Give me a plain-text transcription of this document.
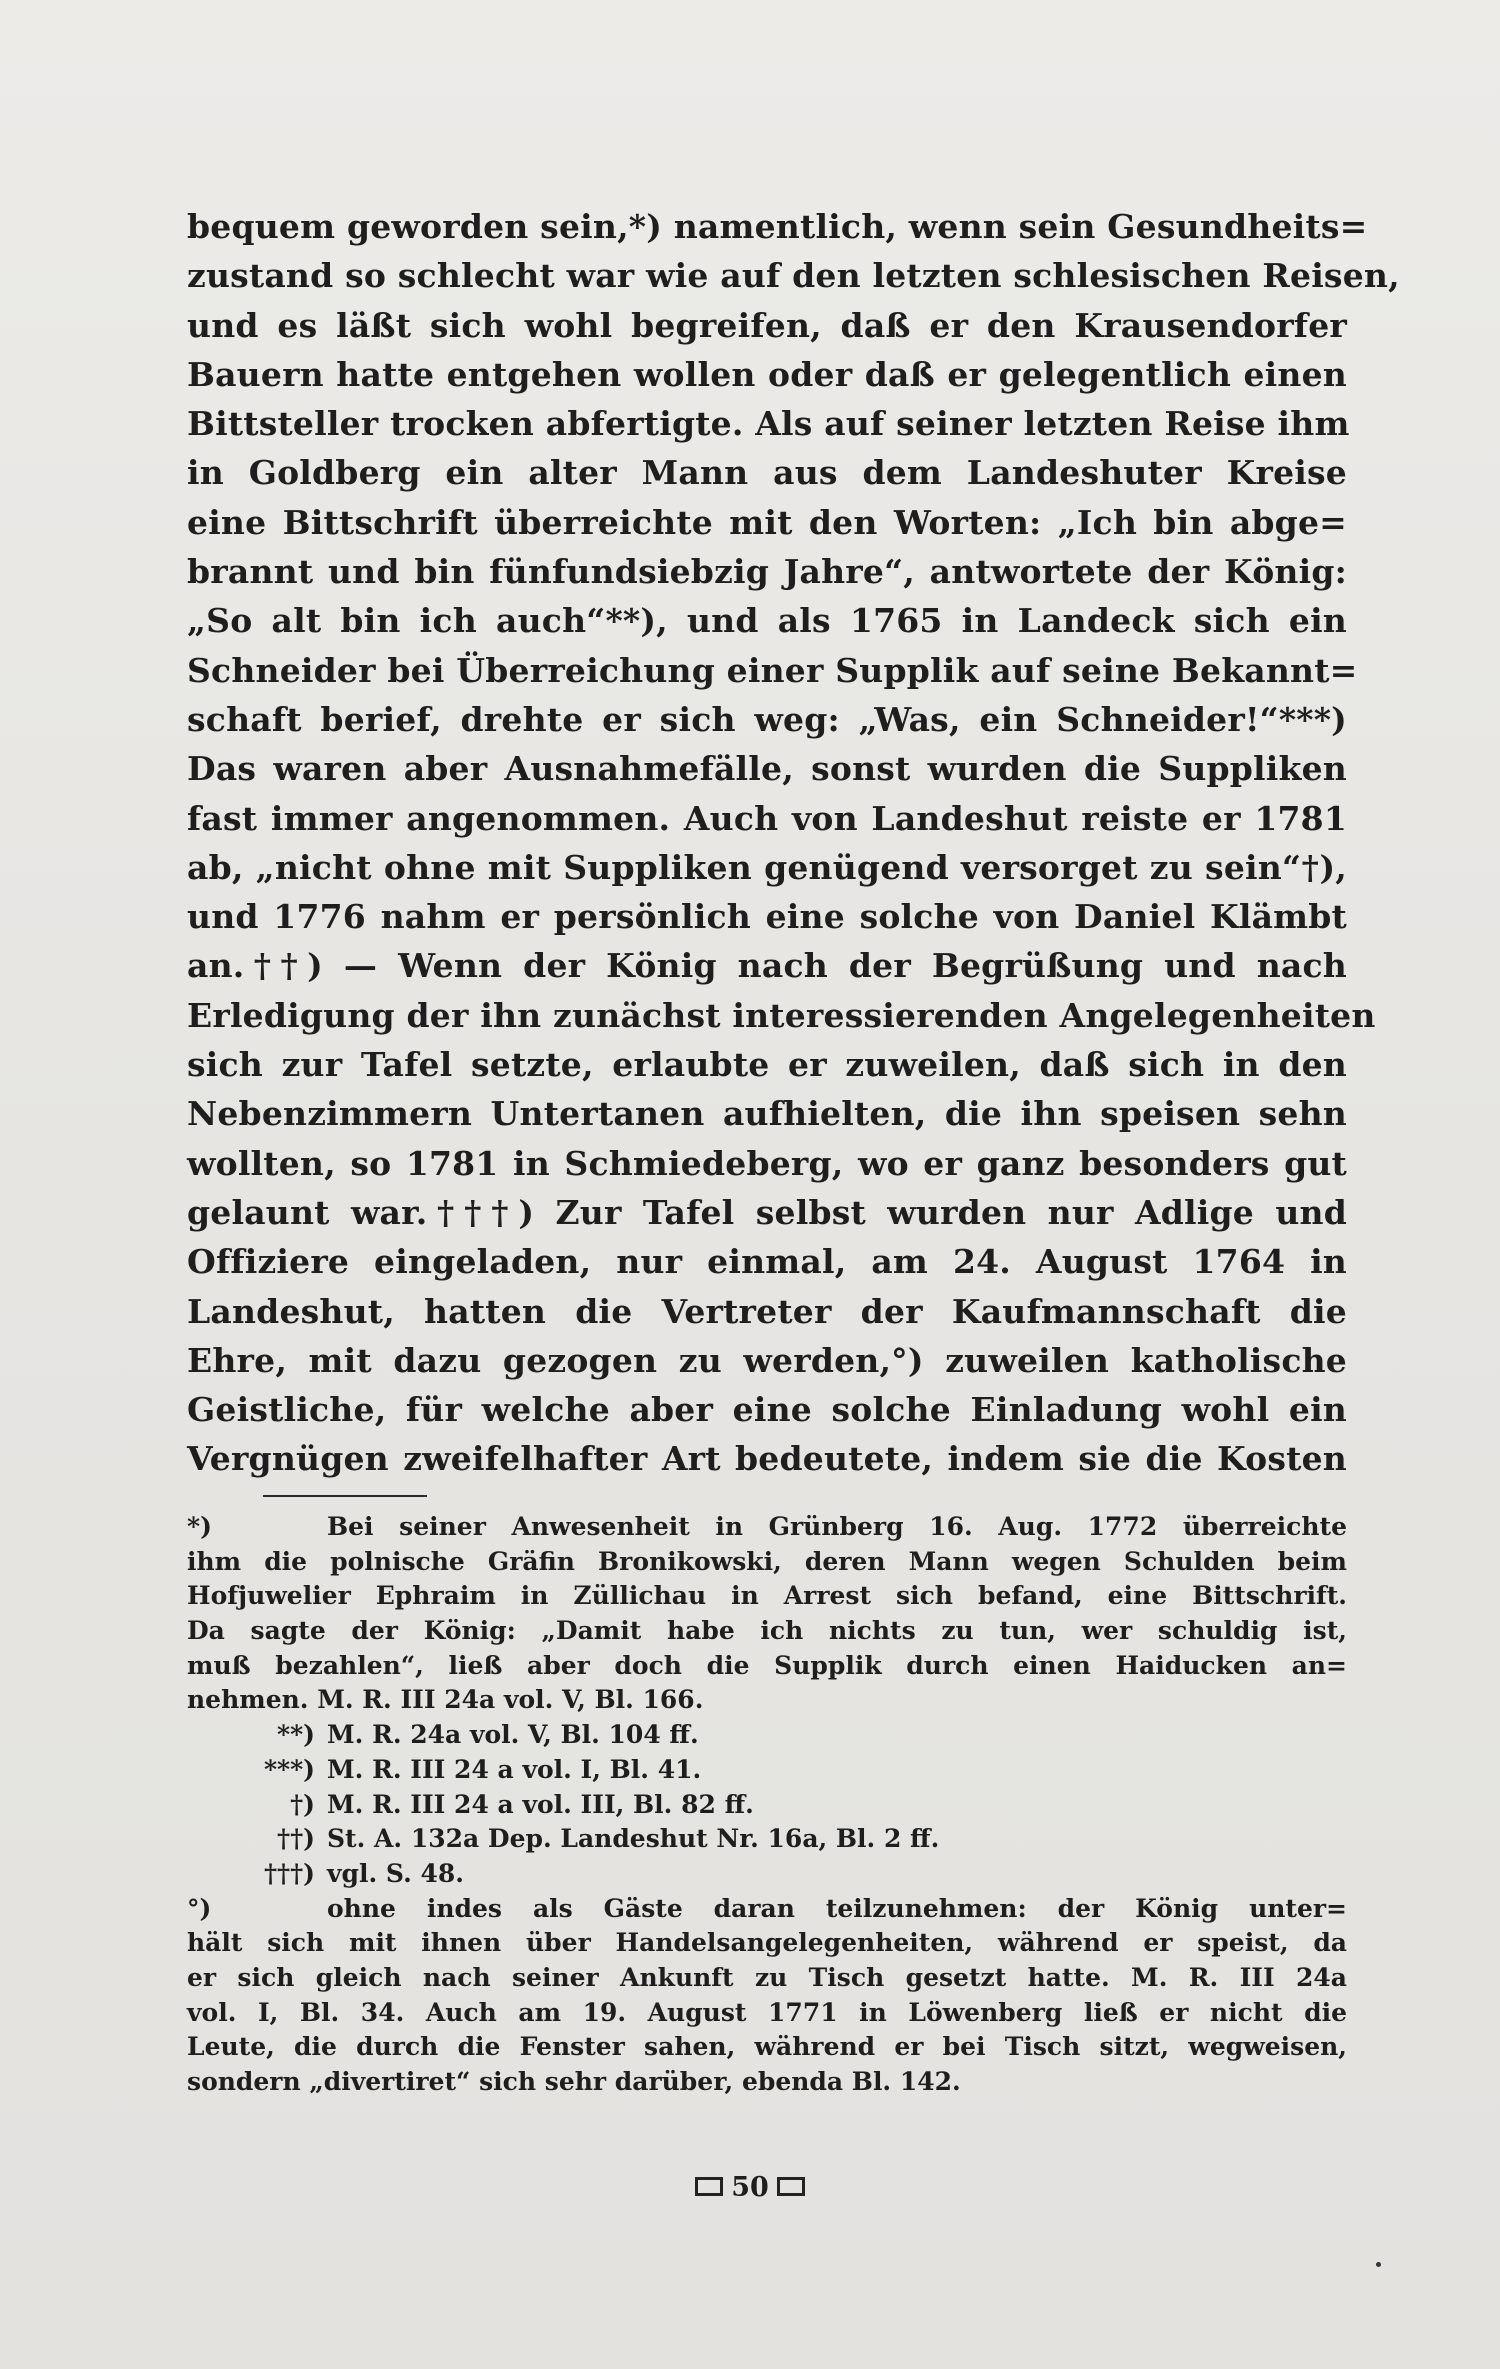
bequem geworden sein,*) namentlich, wenn sein Gesundheits=
zustand so schlecht war wie auf den letzten schlesischen Reisen,
und es läßt sich wohl begreifen, daß er den Krausendorfer
Bauern hatte entgehen wollen oder daß er gelegentlich einen
Bittsteller trocken abfertigte. Als auf seiner letzten Reise ihm
in Goldberg ein alter Mann aus dem Landeshuter Kreise
eine Bittschrift überreichte mit den Worten: „Ich bin abge=
brannt und bin fünfundsiebzig Jahre“, antwortete der König:
„So alt bin ich auch“**), und als 1765 in Landeck sich ein
Schneider bei Überreichung einer Supplik auf seine Bekannt=
schaft berief, drehte er sich weg: „Was, ein Schneider!“***)
Das waren aber Ausnahmefälle, sonst wurden die Suppliken
fast immer angenommen. Auch von Landeshut reiste er 1781
ab, „nicht ohne mit Suppliken genügend versorget zu sein“†),
und 1776 nahm er persönlich eine solche von Daniel Klämbt
an.††) — Wenn der König nach der Begrüßung und nach
Erledigung der ihn zunächst interessierenden Angelegenheiten
sich zur Tafel setzte, erlaubte er zuweilen, daß sich in den
Nebenzimmern Untertanen aufhielten, die ihn speisen sehn
wollten, so 1781 in Schmiedeberg, wo er ganz besonders gut
gelaunt war.†††) Zur Tafel selbst wurden nur Adlige und
Offiziere eingeladen, nur einmal, am 24. August 1764 in
Landeshut, hatten die Vertreter der Kaufmannschaft die
Ehre, mit dazu gezogen zu werden,°) zuweilen katholische
Geistliche, für welche aber eine solche Einladung wohl ein
Vergnügen zweifelhafter Art bedeutete, indem sie die Kosten
*)	Bei seiner Anwesenheit in Grünberg 16. Aug. 1772 überreichte
ihm die polnische Gräfin Bronikowski, deren Mann wegen Schulden beim
Hofjuwelier Ephraim in Züllichau in Arrest sich befand, eine Bittschrift.
Da sagte der König: „Damit habe ich nichts zu tun, wer schuldig ist,
muß bezahlen“, ließ aber doch die Supplik durch einen Haiducken an=
nehmen. M. R. III 24a vol. V, Bl. 166.
**) M. R. 24a vol. V, Bl. 104 ff.
***) M. R. III 24 a vol. I, Bl. 41.
†) M. R. III 24 a vol. III, Bl. 82 ff.
††) St. A. 132a Dep. Landeshut Nr. 16a, Bl. 2 ff.
†††) vgl. S. 48.
°)	ohne indes als Gäste daran teilzunehmen: der König unter=
hält sich mit ihnen über Handelsangelegenheiten, während er speist, da
er sich gleich nach seiner Ankunft zu Tisch gesetzt hatte. M. R. III 24a
vol. I, Bl. 34. Auch am 19. August 1771 in Löwenberg ließ er nicht die
Leute, die durch die Fenster sahen, während er bei Tisch sitzt, wegweisen,
sondern „divertiret“ sich sehr darüber, ebenda Bl. 142.
50
